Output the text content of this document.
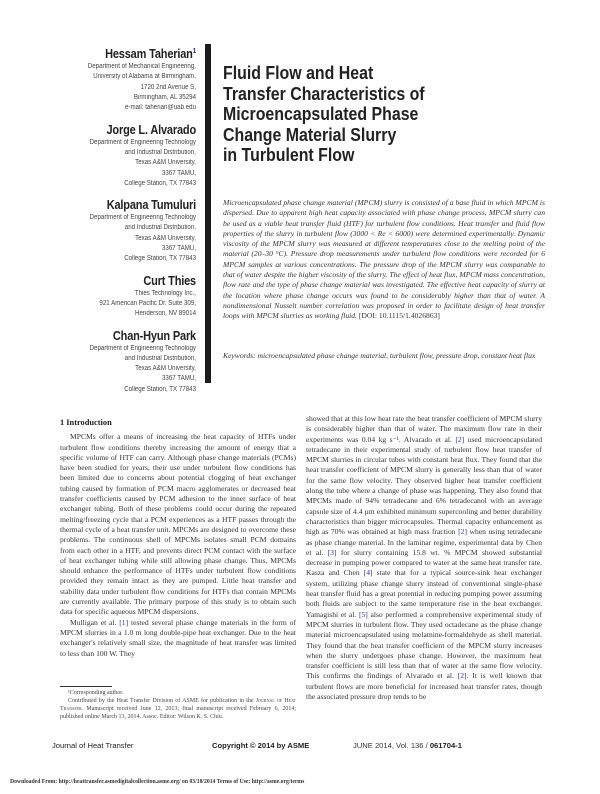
Hessam Taherian$^1$
Department of Mechanical Engineering,
University of Alabama at Birmingham,
1720 2nd Avenue S,
Birmingham, AL 35294
e-mail: taherian@uab.edu
Jorge L. Alvarado
Department of Engineering Technology
and Industrial Distribution,
Texas A&M University,
3367 TAMU,
College Station, TX 77843
Kalpana Tumuluri
Department of Engineering Technology
and Industrial Distribution,
Texas A&M University,
3367 TAMU,
College Station, TX 77843
Curt Thies
Thies Technology Inc.,
921 American Pacific Dr. Suite 309,
Henderson, NV 89014
Chan-Hyun Park
Department of Engineering Technology
and Industrial Distribution,
Texas A&M University,
3367 TAMU,
College Station, TX 77843
Fluid Flow and Heat
Transfer Characteristics of
Microencapsulated Phase
Change Material Slurry
in Turbulent Flow
Microencapsulated phase change material (MPCM) slurry is consisted of a base fluid in which MPCM is dispersed. Due to apparent high heat capacity associated with phase change process, MPCM slurry can be used as a viable heat transfer fluid (HTF) for turbulent flow conditions. Heat transfer and fluid flow properties of the slurry in turbulent flow (3000 < Re < 6000) were determined experimentally. Dynamic viscosity of the MPCM slurry was measured at different temperatures close to the melting point of the material (20–30 °C). Pressure drop measurements under turbulent flow conditions were recorded for 6 MPCM samples at various concentrations. The pressure drop of the MPCM slurry was comparable to that of water despite the higher viscosity of the slurry. The effect of heat flux, MPCM mass concentration, flow rate and the type of phase change material was investigated. The effective heat capacity of slurry at the location where phase change occurs was found to be considerably higher than that of water. A nondimensional Nusselt number correlation was proposed in order to facilitate design of heat transfer loops with MPCM slurries as working fluid. [DOI: 10.1115/1.4026863]
Keywords: microencapsulated phase change material, turbulent flow, pressure drop, constant heat flux
1 Introduction

MPCMs offer a means of increasing the heat capacity of HTFs under turbulent flow conditions thereby increasing the amount of energy that a specific volume of HTF can carry. Although phase change materials (PCMs) have been studied for years, their use under turbulent flow conditions has been limited due to concerns about potential clogging of heat exchanger tubing caused by formation of PCM macro agglomerates or decreased heat transfer coefficients caused by PCM adhesion to the inner surface of heat exchanger tubing. Both of these problems could occur during the repeated melting/freezing cycle that a PCM experiences as a HTF passes through the thermal cycle of a heat transfer unit. MPCMs are designed to overcome these problems. The continuous shell of MPCMs isolates small PCM domains from each other in a HTF, and prevents direct PCM contact with the surface of heat exchanger tubing while still allowing phase change. Thus, MPCMs should enhance the performance of HTFs under turbulent flow conditions provided they remain intact as they are pumped. Little heat transfer and stability data under turbulent flow conditions for HTFs that contain MPCMs are currently available. The primary purpose of this study is to obtain such data for specific aqueous MPCM dispersions.

Mulligan et al. [1] tested several phase change materials in the form of MPCM slurries in a 1.0 m long double-pipe heat exchanger. Due to the heat exchanger's relatively small size, the magnitude of heat transfer was limited to less than 100 W. They

showed that at this low heat rate the heat transfer coefficient of MPCM slurry is considerably higher than that of water. The maximum flow rate in their experiments was 0.04 kg s⁻¹. Alvarado et al. [2] used microencapsulated tetradecane in their experimental study of turbulent flow heat transfer of MPCM slurries in circular tubes with constant heat flux. They found that the heat transfer coefficient of MPCM slurry is generally less than that of water for the same flow velocity. They observed higher heat transfer coefficient along the tube where a change of phase was happening. They also found that MPCMs made of 94% tetradecane and 6% tetradecanol with an average capsule size of 4.4 μm exhibited minimum supercooling and better durability characteristics than bigger microcapsules. Thermal capacity enhancement as high as 70% was obtained at high mass fraction [2] when using tetradecane as phase change material. In the laminar regime, experimental data by Chen et al. [3] for slurry containing 15.8 wt. % MPCM showed substantial decrease in pumping power compared to water at the same heat transfer rate. Kasza and Chen [4] state that for a typical source-sink heat exchanger system, utilizing phase change slurry instead of conventional single-phase heat transfer fluid has a great potential in reducing pumping power assuming both fluids are subject to the same temperature rise in the heat exchanger. Yamagishi et al. [5] also performed a comprehensive experimental study of MPCM slurries in turbulent flow. They used octadecane as the phase change material microencapsulated using melamine-formaldehyde as shell material. They found that the heat transfer coefficient of the MPCM slurry increases when the slurry undergoes phase change. However, the maximum heat transfer coefficient is still less than that of water at the same flow velocity. This confirms the findings of Alvarado et al. [2]. It is well known that turbulent flows are more beneficial for increased heat transfer rates, though the associated pressure drop tends to be

¹Corresponding author.

Contributed by the Heat Transfer Division of ASME for publication in the Journal of Heat Transfer. Manuscript received June 12, 2013; final manuscript received February 6, 2014; published online March 13, 2014. Assoc. Editor: Wilson K. S. Chiu.

Journal of Heat Transfer	Copyright © 2014 by ASME	JUNE 2014, Vol. 136 / 061704-1
Downloaded From: http://heattransfer.asmedigitalcollection.asme.org/ on 03/18/2014 Terms of Use: http://asme.org/terms
